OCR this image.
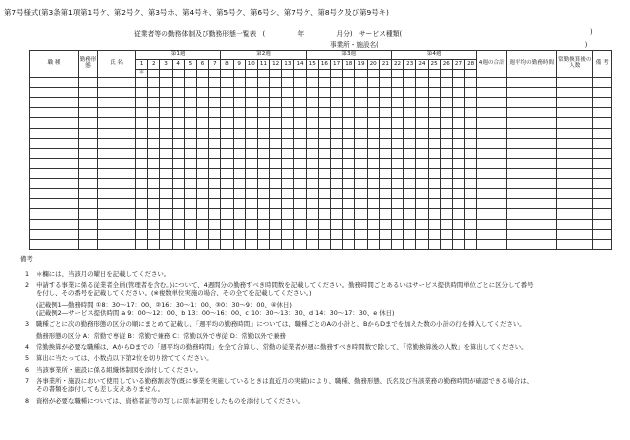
第7号様式(第3条第1項第1号ケ、第2号ク、第3号ホ、第4号キ、第5号ク、第6号シ、第7号ケ、第8号ク及び第9号キ)
従業者等の勤務体制及び勤務形態一覧表 (	年	月分) サービス種類(	)
事業所・施設名(	)
職 種	勤務形態	氏 名	第1週							第2週							第3週							第4週							4週の合計	週平均の勤務時間	常勤換算後の人数	備 考
			1	2	3	4	5	6	7	8	9	10	11	12	13	14	15	16	17	18	19	20	21	22	23	24	25	26	27	28				
			＊																															

備考
1 ＊欄には、当該月の曜日を記載してください。
2 申請する事業に係る従業者全員(管理者を含む。)について、4週間分の勤務すべき時間数を記載してください。勤務時間ごとあるいはサービス提供時間単位ごとに区分して番号
を付し、その番号を記載してください。(※複数単位実施の場合、その全てを記載してください。)
(記載例1―勤務時間 ①8：30～17：00、②16：30～1：00、③0：30～9：00、④休日)
(記載例2―サービス提供時間 a 9：00～12：00、b 13：00～16：00、c 10：30～13：30、d 14：30～17：30、e 休日)
3 職種ごとに次の勤務形態の区分の順にまとめて記載し、「週平均の勤務時間」については、職種ごとのAの小計と、BからDまでを加えた数の小計の行を挿入してください。
勤務形態の区分 A：常勤で専従 B：常勤で兼務 C：常勤以外で専従 D：常勤以外で兼務
4 常勤換算が必要な職種は、AからDまでの「週平均の勤務時間」を全て合算し、常勤の従業者が週に勤務すべき時間数で除して、「常勤換算後の人数」を算出してください。
5 算出に当たっては、小数点以下第2位を切り捨ててください。
6 当該事業所・施設に係る組織体制図を添付してください。
7 各事業所・施設において使用している勤務割表等(既に事業を実施しているときは直近月の実績)により、職種、勤務形態、氏名及び当該業務の勤務時間が確認できる場合は、
その書類を添付しても差し支えありません。
8 資格が必要な職種については、資格者証等の写しに原本証明をしたものを添付してください。
